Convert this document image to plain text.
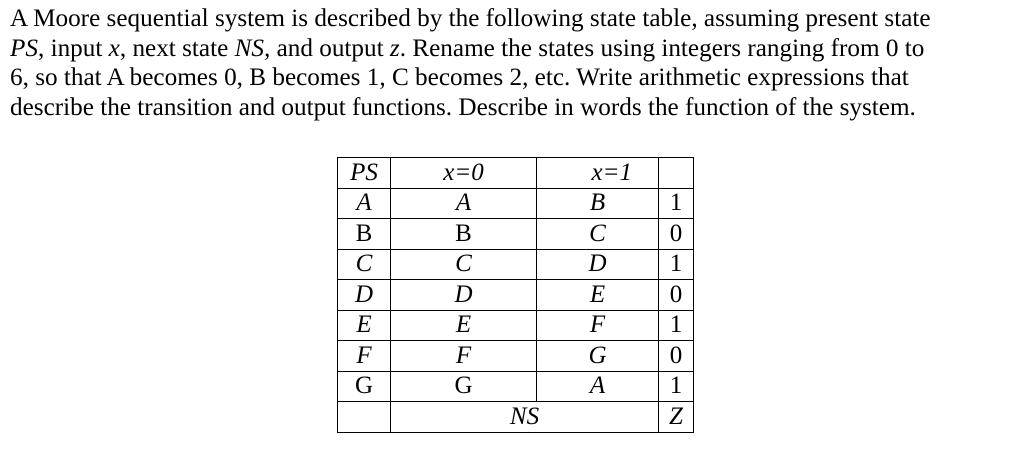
A Moore sequential system is described by the following state table, assuming present state
PS, input x, next state NS, and output z. Rename the states using integers ranging from 0 to
6, so that A becomes 0, B becomes 1, C becomes 2, etc. Write arithmetic expressions that
describe the transition and output functions. Describe in words the function of the system.
PS	x=0	x=1	
A	A	B	1
B	B	C	0
C	C	D	1
D	D	E	0
E	E	F	1
F	F	G	0
G	G	A	1
	NS		Z
